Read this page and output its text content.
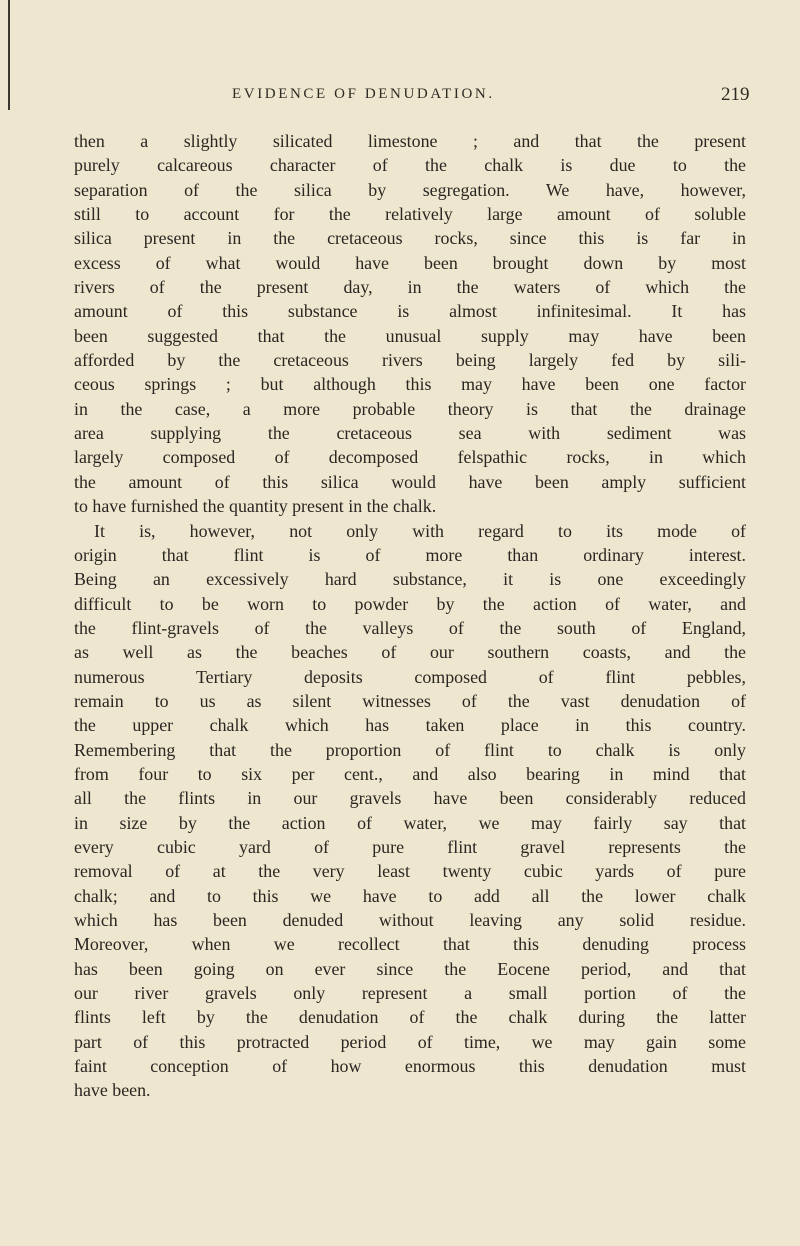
EVIDENCE OF DENUDATION.	219
then a slightly silicated limestone ; and that the present
purely calcareous character of the chalk is due to the
separation of the silica by segregation. We have, however,
still to account for the relatively large amount of soluble
silica present in the cretaceous rocks, since this is far in
excess of what would have been brought down by most
rivers of the present day, in the waters of which the
amount of this substance is almost infinitesimal. It has
been suggested that the unusual supply may have been
afforded by the cretaceous rivers being largely fed by sili-
ceous springs ; but although this may have been one factor
in the case, a more probable theory is that the drainage
area supplying the cretaceous sea with sediment was
largely composed of decomposed felspathic rocks, in which
the amount of this silica would have been amply sufficient
to have furnished the quantity present in the chalk.
It is, however, not only with regard to its mode of
origin that flint is of more than ordinary interest.
Being an excessively hard substance, it is one exceedingly
difficult to be worn to powder by the action of water, and
the flint-gravels of the valleys of the south of England,
as well as the beaches of our southern coasts, and the
numerous Tertiary deposits composed of flint pebbles,
remain to us as silent witnesses of the vast denudation of
the upper chalk which has taken place in this country.
Remembering that the proportion of flint to chalk is only
from four to six per cent., and also bearing in mind that
all the flints in our gravels have been considerably reduced
in size by the action of water, we may fairly say that
every cubic yard of pure flint gravel represents the
removal of at the very least twenty cubic yards of pure
chalk; and to this we have to add all the lower chalk
which has been denuded without leaving any solid residue.
Moreover, when we recollect that this denuding process
has been going on ever since the Eocene period, and that
our river gravels only represent a small portion of the
flints left by the denudation of the chalk during the latter
part of this protracted period of time, we may gain some
faint conception of how enormous this denudation must
have been.
